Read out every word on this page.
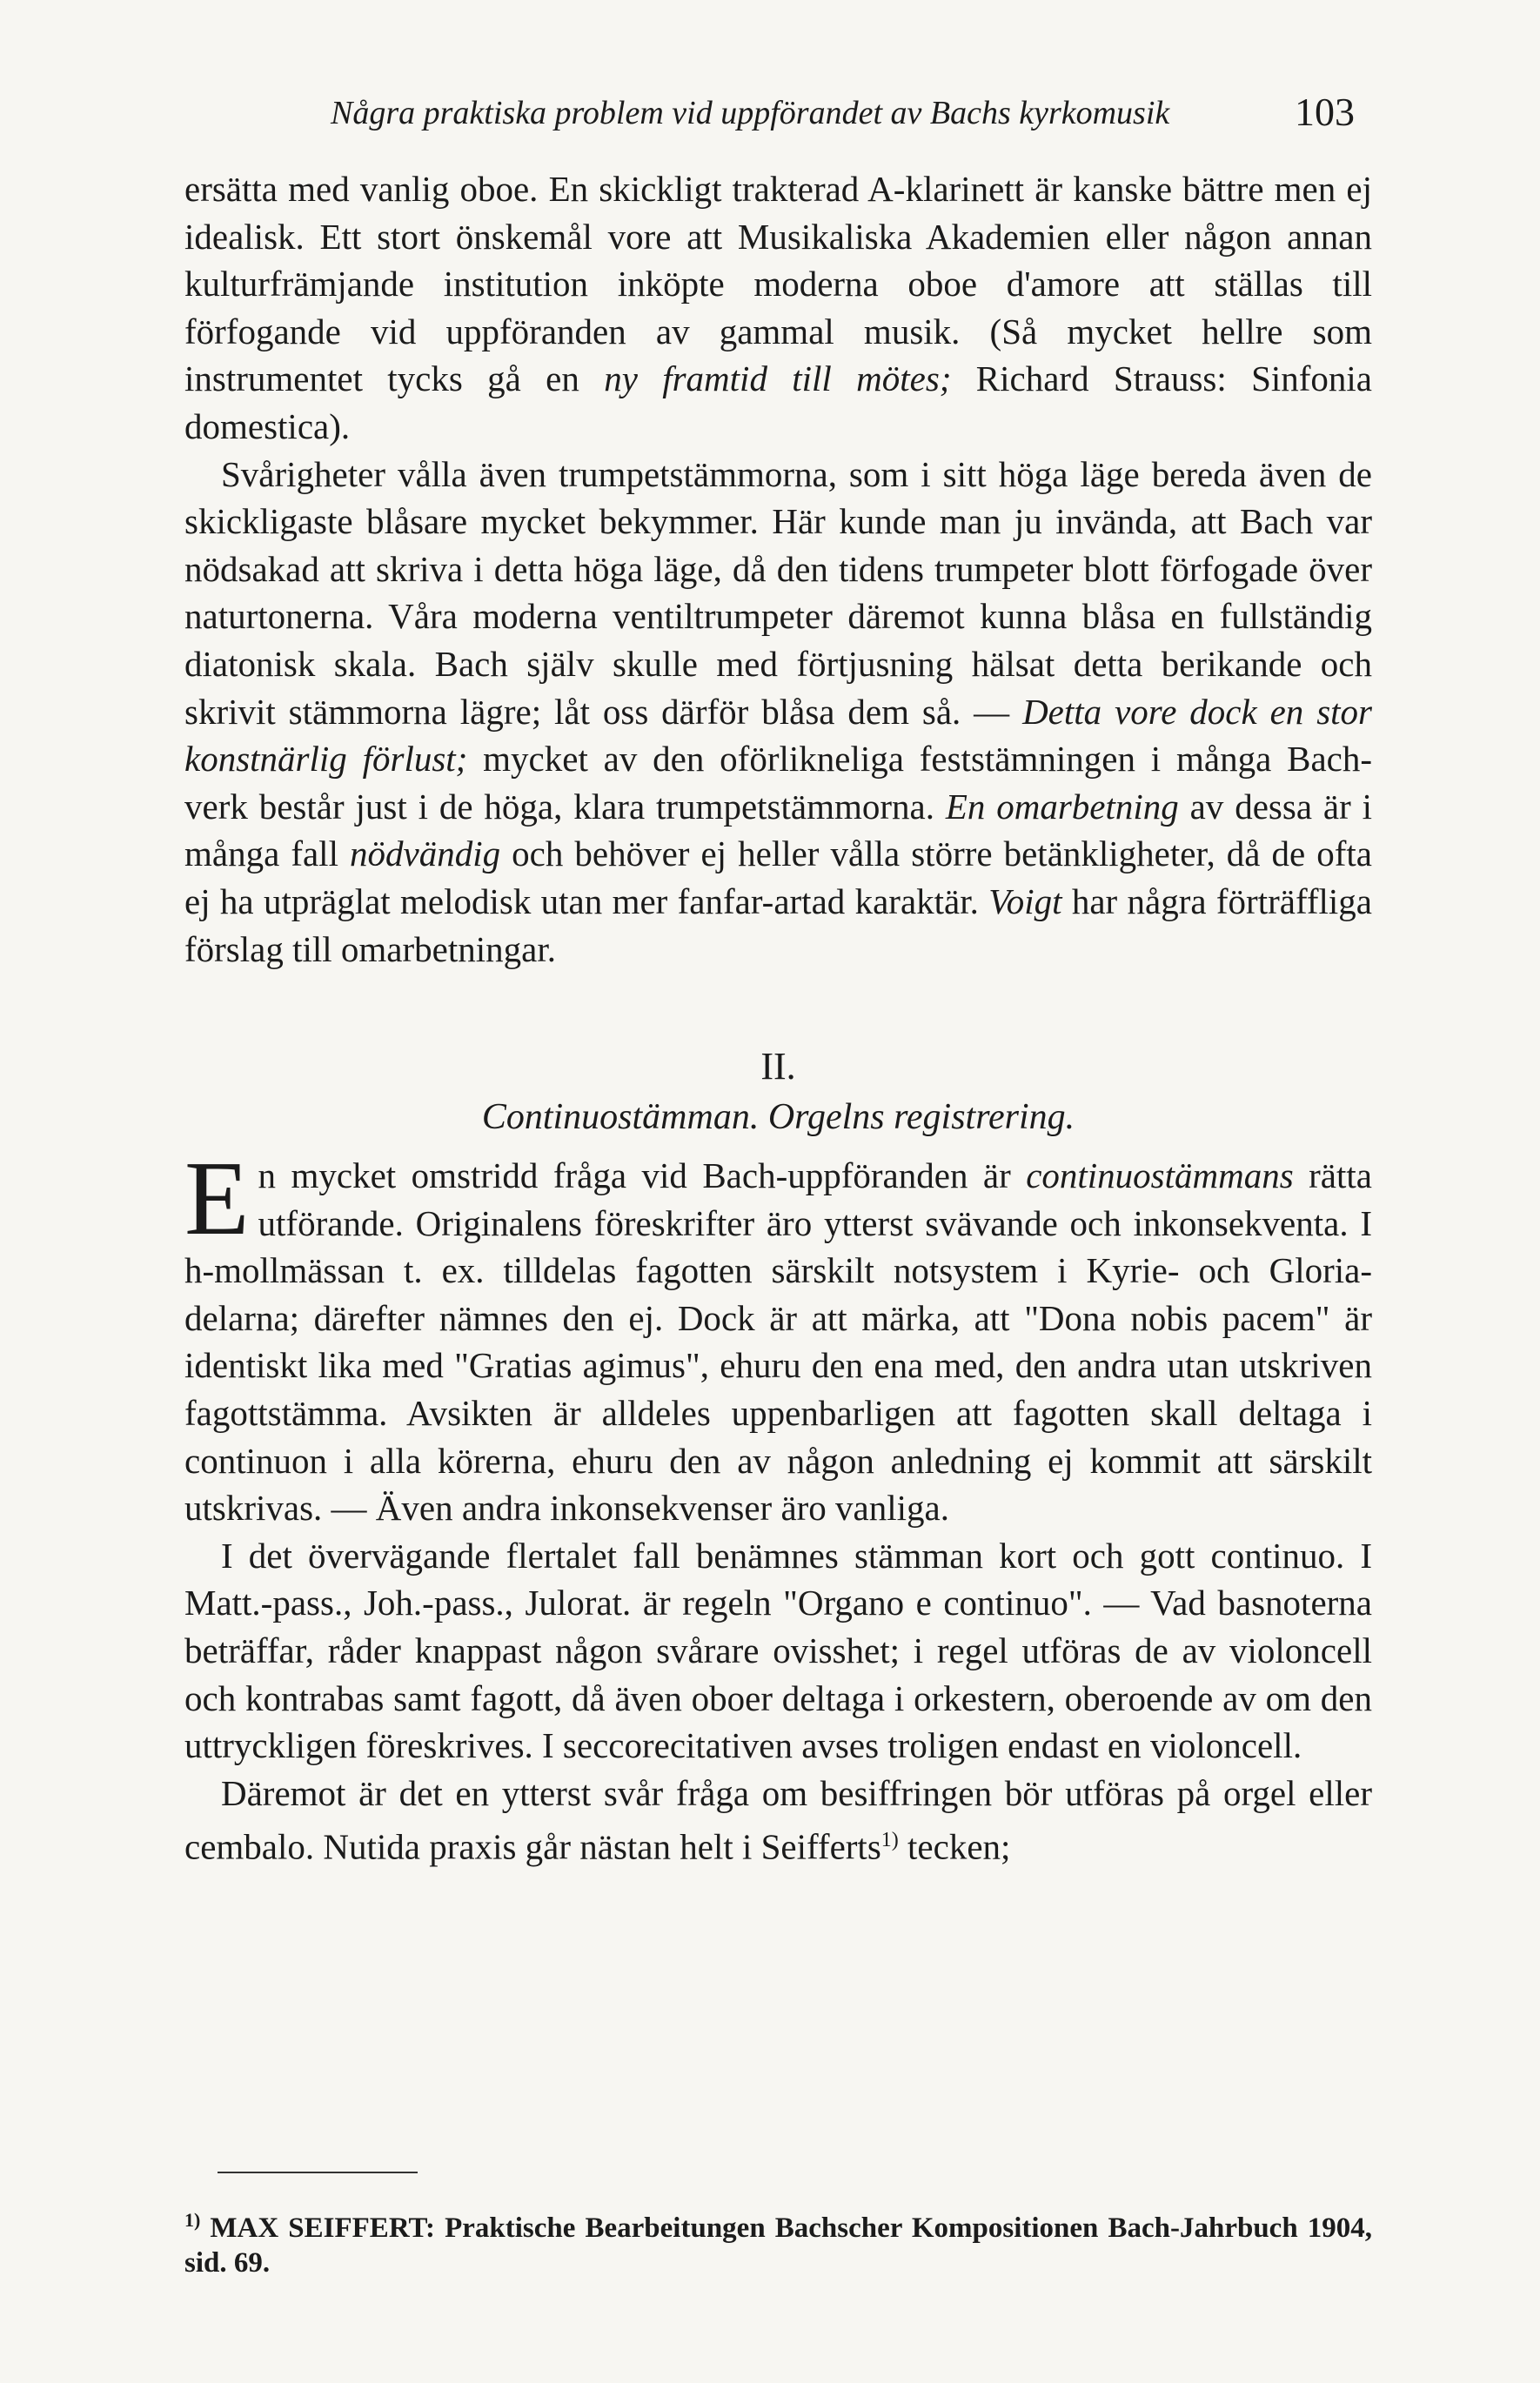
Några praktiska problem vid uppförandet av Bachs kyrkomusik	103

ersätta med vanlig oboe. En skickligt trakterad A-klarinett är kanske bättre men ej idealisk. Ett stort önskemål vore att Musikaliska Akademien eller någon annan kulturfrämjande institution inköpte moderna oboe d'amore att ställas till förfogande vid uppföranden av gammal musik. (Så mycket hellre som instrumentet tycks gå en ny framtid till mötes; Richard Strauss: Sinfonia domestica).

Svårigheter vålla även trumpetstämmorna, som i sitt höga läge bereda även de skickligaste blåsare mycket bekymmer. Här kunde man ju invända, att Bach var nödsakad att skriva i detta höga läge, då den tidens trumpeter blott förfogade över naturtonerna. Våra moderna ventiltrumpeter däremot kunna blåsa en fullständig diatonisk skala. Bach själv skulle med förtjusning hälsat detta berikande och skrivit stämmorna lägre; låt oss därför blåsa dem så. — Detta vore dock en stor konstnärlig förlust; mycket av den oförlikneliga feststämningen i många Bach-verk består just i de höga, klara trumpetstämmorna. En omarbetning av dessa är i många fall nödvändig och behöver ej heller vålla större betänkligheter, då de ofta ej ha utpräglat melodisk utan mer fanfar-artad karaktär. Voigt har några förträffliga förslag till omarbetningar.

II.
Continuostämman. Orgelns registrering.

En mycket omstridd fråga vid Bach-uppföranden är continuostämmans rätta utförande. Originalens föreskrifter äro ytterst svävande och inkonsekventa. I h-mollmässan t. ex. tilldelas fagotten särskilt notsystem i Kyrie- och Gloria-delarna; därefter nämnes den ej. Dock är att märka, att "Dona nobis pacem" är identiskt lika med "Gratias agimus", ehuru den ena med, den andra utan utskriven fagottstämma. Avsikten är alldeles uppenbarligen att fagotten skall deltaga i continuon i alla körerna, ehuru den av någon anledning ej kommit att särskilt utskrivas. — Även andra inkonsekvenser äro vanliga.

I det övervägande flertalet fall benämnes stämman kort och gott continuo. I Matt.-pass., Joh.-pass., Julorat. är regeln "Organo e continuo". — Vad basnoterna beträffar, råder knappast någon svårare ovisshet; i regel utföras de av violoncell och kontrabas samt fagott, då även oboer deltaga i orkestern, oberoende av om den uttryckligen föreskrives. I seccorecitativen avses troligen endast en violoncell.

Däremot är det en ytterst svår fråga om besiffringen bör utföras på orgel eller cembalo. Nutida praxis går nästan helt i Seifferts$^{1)}$ tecken;

$^{1)}$ MAX SEIFFERT: Praktische Bearbeitungen Bachscher Kompositionen Bach-Jahrbuch 1904, sid. 69.
